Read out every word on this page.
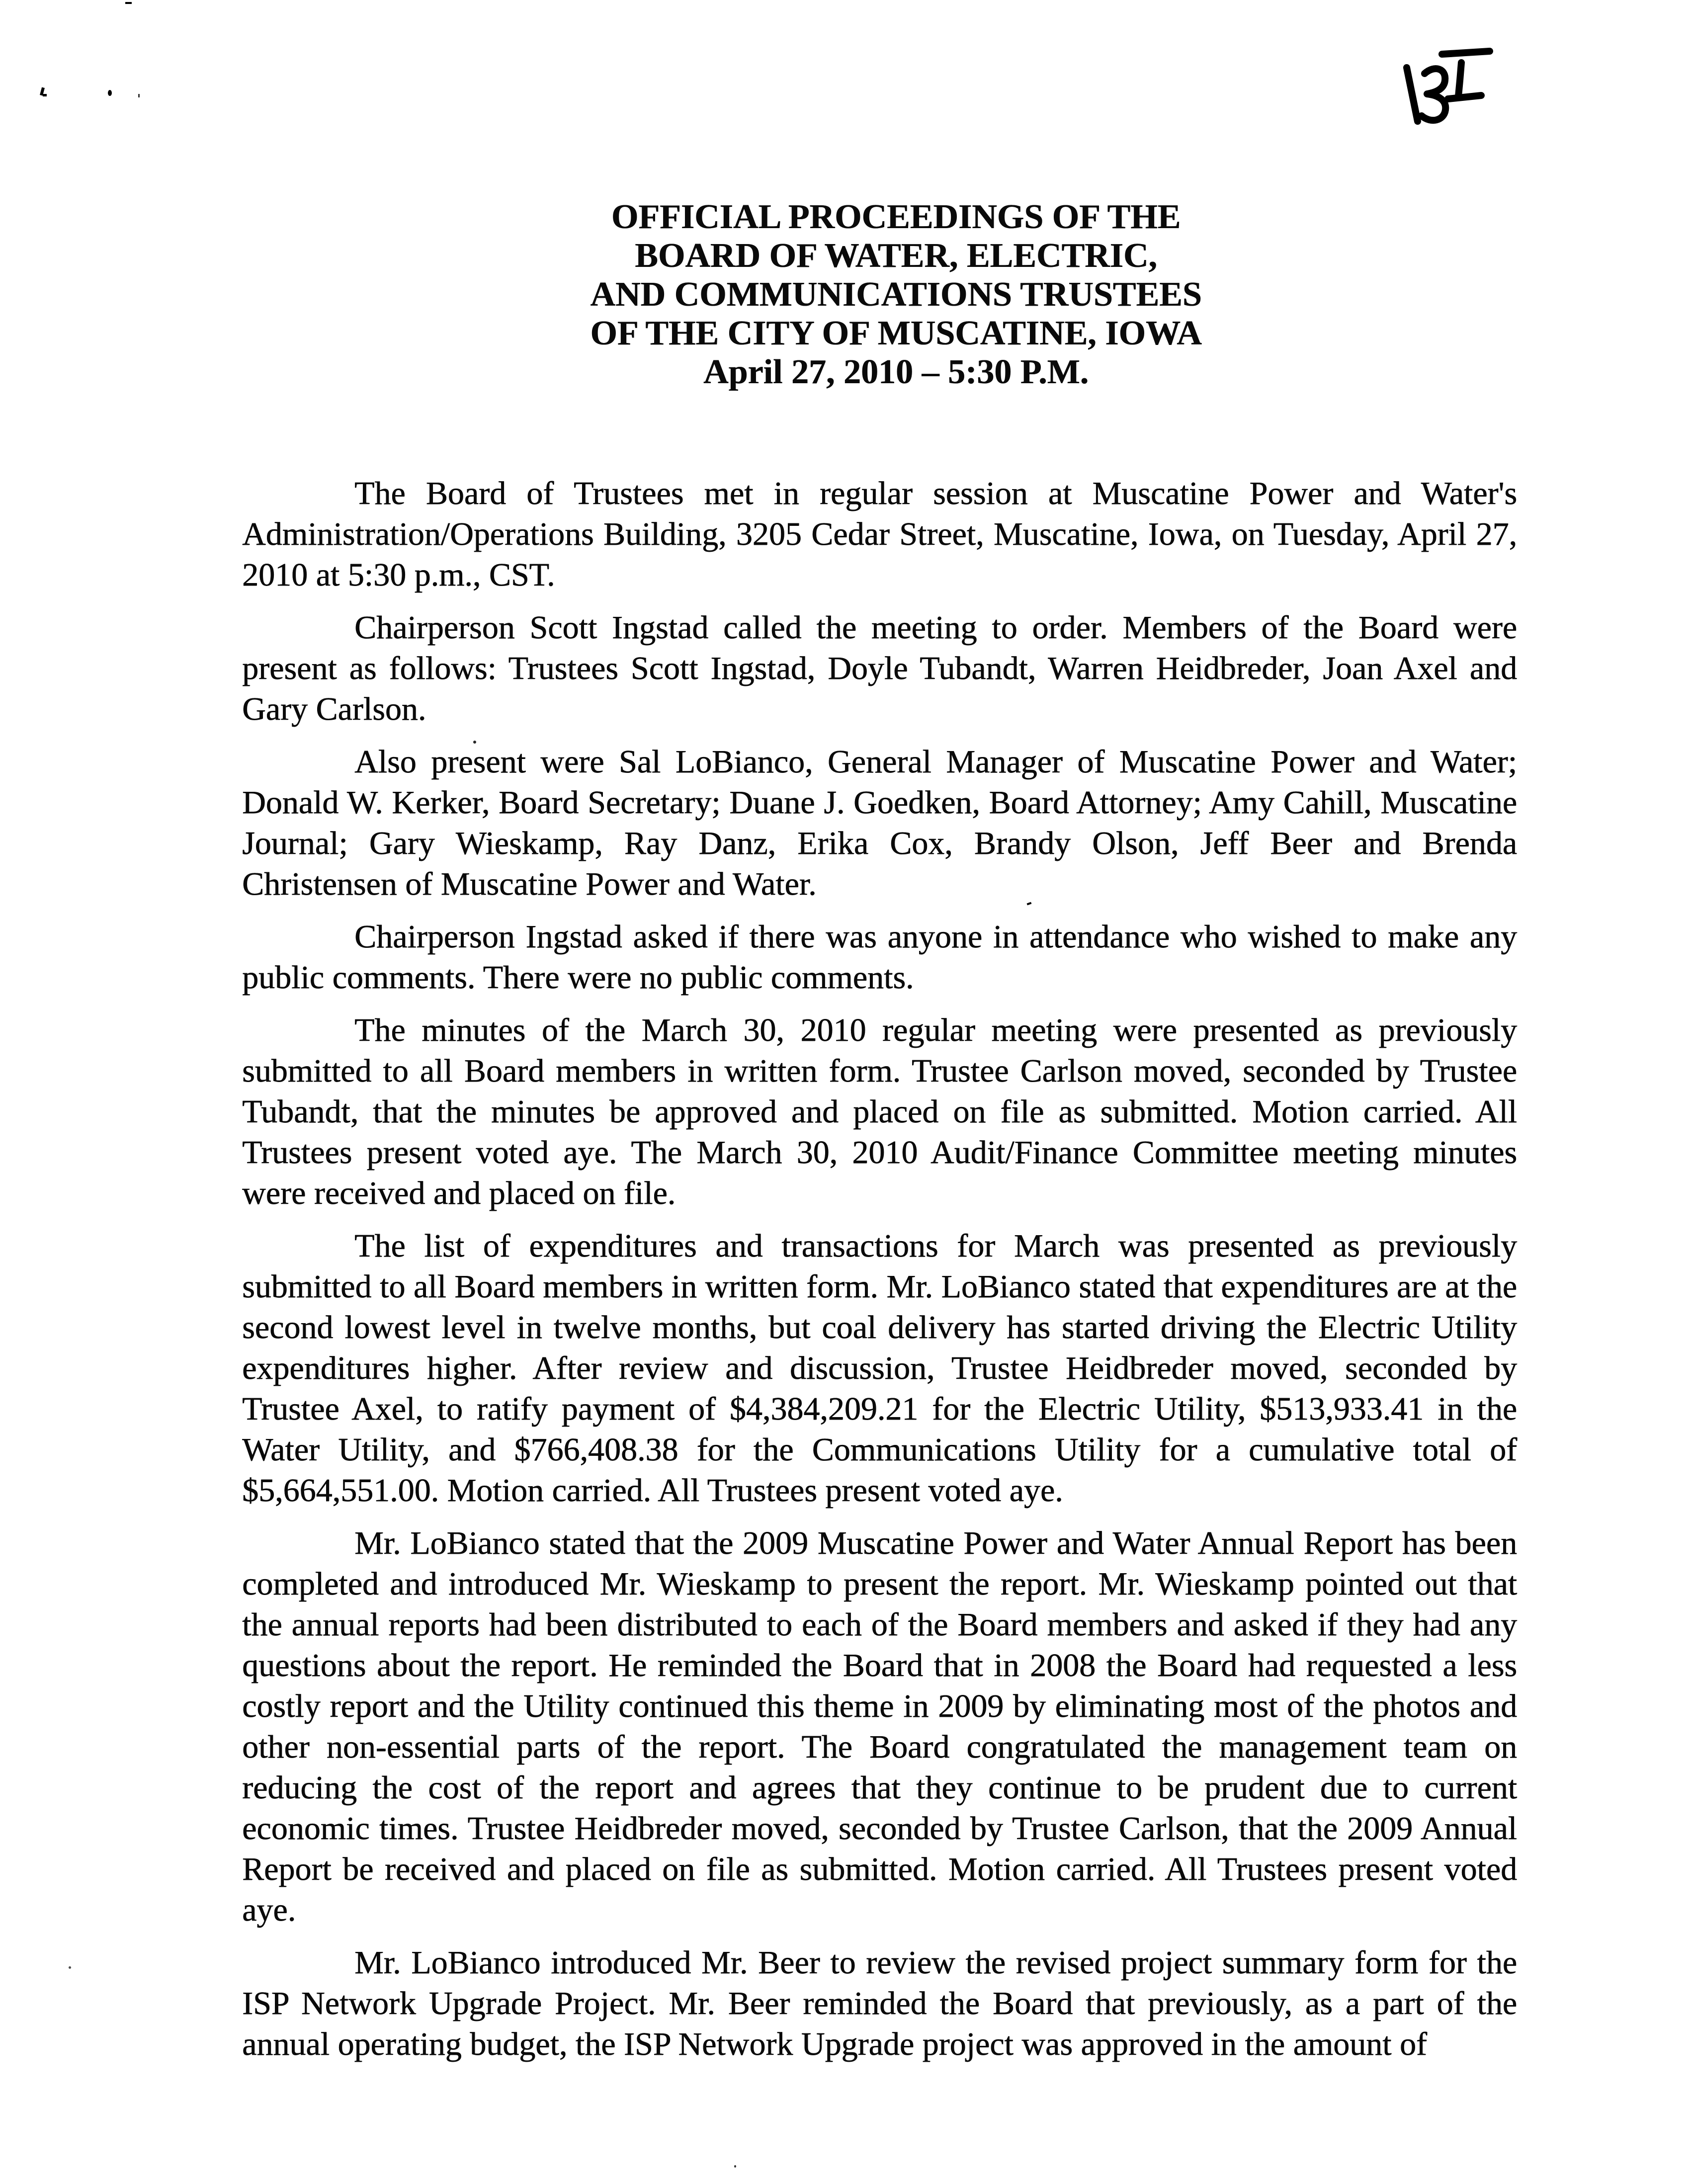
OFFICIAL PROCEEDINGS OF THE
BOARD OF WATER, ELECTRIC,
AND COMMUNICATIONS TRUSTEES
OF THE CITY OF MUSCATINE, IOWA
April 27, 2010 – 5:30 P.M.

The Board of Trustees met in regular session at Muscatine Power and Water's Administration/Operations Building, 3205 Cedar Street, Muscatine, Iowa, on Tuesday, April 27, 2010 at 5:30 p.m., CST.

Chairperson Scott Ingstad called the meeting to order. Members of the Board were present as follows: Trustees Scott Ingstad, Doyle Tubandt, Warren Heidbreder, Joan Axel and Gary Carlson.

Also present were Sal LoBianco, General Manager of Muscatine Power and Water; Donald W. Kerker, Board Secretary; Duane J. Goedken, Board Attorney; Amy Cahill, Muscatine Journal; Gary Wieskamp, Ray Danz, Erika Cox, Brandy Olson, Jeff Beer and Brenda Christensen of Muscatine Power and Water.

Chairperson Ingstad asked if there was anyone in attendance who wished to make any public comments. There were no public comments.

The minutes of the March 30, 2010 regular meeting were presented as previously submitted to all Board members in written form. Trustee Carlson moved, seconded by Trustee Tubandt, that the minutes be approved and placed on file as submitted. Motion carried. All Trustees present voted aye. The March 30, 2010 Audit/Finance Committee meeting minutes were received and placed on file.

The list of expenditures and transactions for March was presented as previously submitted to all Board members in written form. Mr. LoBianco stated that expenditures are at the second lowest level in twelve months, but coal delivery has started driving the Electric Utility expenditures higher. After review and discussion, Trustee Heidbreder moved, seconded by Trustee Axel, to ratify payment of $4,384,209.21 for the Electric Utility, $513,933.41 in the Water Utility, and $766,408.38 for the Communications Utility for a cumulative total of $5,664,551.00. Motion carried. All Trustees present voted aye.

Mr. LoBianco stated that the 2009 Muscatine Power and Water Annual Report has been completed and introduced Mr. Wieskamp to present the report. Mr. Wieskamp pointed out that the annual reports had been distributed to each of the Board members and asked if they had any questions about the report. He reminded the Board that in 2008 the Board had requested a less costly report and the Utility continued this theme in 2009 by eliminating most of the photos and other non-essential parts of the report. The Board congratulated the management team on reducing the cost of the report and agrees that they continue to be prudent due to current economic times. Trustee Heidbreder moved, seconded by Trustee Carlson, that the 2009 Annual Report be received and placed on file as submitted. Motion carried. All Trustees present voted aye.

Mr. LoBianco introduced Mr. Beer to review the revised project summary form for the ISP Network Upgrade Project. Mr. Beer reminded the Board that previously, as a part of the annual operating budget, the ISP Network Upgrade project was approved in the amount of
